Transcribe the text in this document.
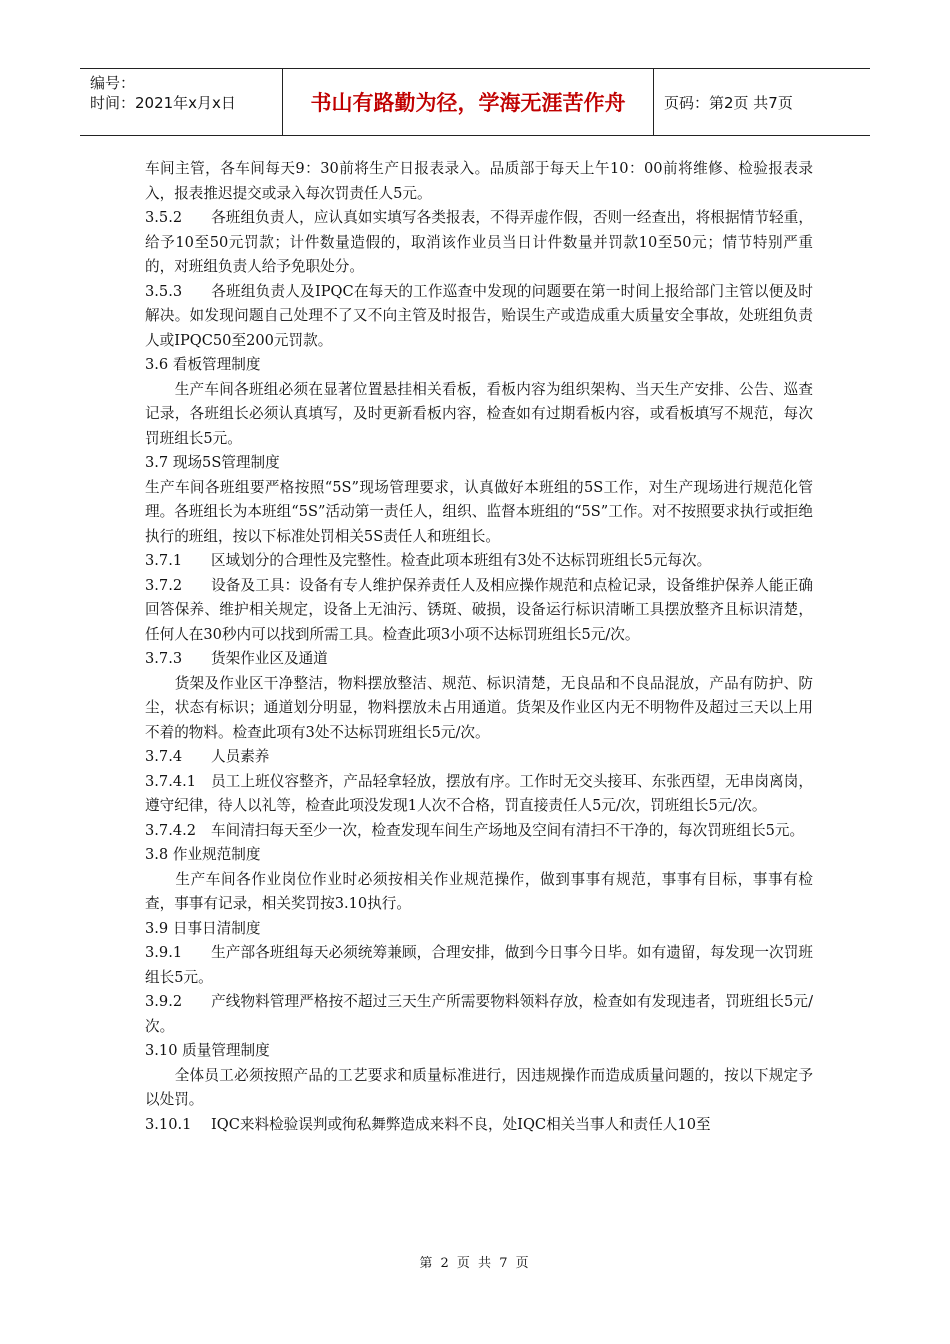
编号：
时间：2021年x月x日	书山有路勤为径，学海无涯苦作舟	页码：第2页 共7页

车间主管，各车间每天9：30前将生产日报表录入。品质部于每天上午10：00前将维修、检验报表录入，报表推迟提交或录入每次罚责任人5元。

3.5.2 各班组负责人，应认真如实填写各类报表，不得弄虚作假，否则一经查出，将根据情节轻重，给予10至50元罚款；计件数量造假的，取消该作业员当日计件数量并罚款10至50元；情节特别严重的，对班组负责人给予免职处分。

3.5.3 各班组负责人及IPQC在每天的工作巡查中发现的问题要在第一时间上报给部门主管以便及时解决。如发现问题自己处理不了又不向主管及时报告，贻误生产或造成重大质量安全事故，处班组负责人或IPQC50至200元罚款。

3.6 看板管理制度

　　生产车间各班组必须在显著位置悬挂相关看板，看板内容为组织架构、当天生产安排、公告、巡查记录，各班组长必须认真填写，及时更新看板内容，检查如有过期看板内容，或看板填写不规范，每次罚班组长5元。

3.7 现场5S管理制度

生产车间各班组要严格按照“5S”现场管理要求，认真做好本班组的5S工作，对生产现场进行规范化管理。各班组长为本班组“5S”活动第一责任人，组织、监督本班组的“5S”工作。对不按照要求执行或拒绝执行的班组，按以下标准处罚相关5S责任人和班组长。

3.7.1 区域划分的合理性及完整性。检查此项本班组有3处不达标罚班组长5元每次。

3.7.2 设备及工具：设备有专人维护保养责任人及相应操作规范和点检记录，设备维护保养人能正确回答保养、维护相关规定，设备上无油污、锈斑、破损，设备运行标识清晰工具摆放整齐且标识清楚，任何人在30秒内可以找到所需工具。检查此项3小项不达标罚班组长5元/次。

3.7.3 货架作业区及通道

　　货架及作业区干净整洁，物料摆放整洁、规范、标识清楚，无良品和不良品混放，产品有防护、防尘，状态有标识；通道划分明显，物料摆放未占用通道。货架及作业区内无不明物件及超过三天以上用不着的物料。检查此项有3处不达标罚班组长5元/次。

3.7.4 人员素养

3.7.4.1 员工上班仪容整齐，产品轻拿轻放，摆放有序。工作时无交头接耳、东张西望，无串岗离岗，遵守纪律，待人以礼等，检查此项没发现1人次不合格，罚直接责任人5元/次，罚班组长5元/次。

3.7.4.2 车间清扫每天至少一次，检查发现车间生产场地及空间有清扫不干净的，每次罚班组长5元。

3.8 作业规范制度

　　生产车间各作业岗位作业时必须按相关作业规范操作，做到事事有规范，事事有目标，事事有检查，事事有记录，相关奖罚按3.10执行。

3.9 日事日清制度

3.9.1 生产部各班组每天必须统筹兼顾，合理安排，做到今日事今日毕。如有遗留，每发现一次罚班组长5元。

3.9.2 产线物料管理严格按不超过三天生产所需要物料领料存放，检查如有发现违者，罚班组长5元/次。

3.10 质量管理制度

　　全体员工必须按照产品的工艺要求和质量标准进行，因违规操作而造成质量问题的，按以下规定予以处罚。

3.10.1 IQC来料检验误判或徇私舞弊造成来料不良，处IQC相关当事人和责任人10至

第 2 页 共 7 页
